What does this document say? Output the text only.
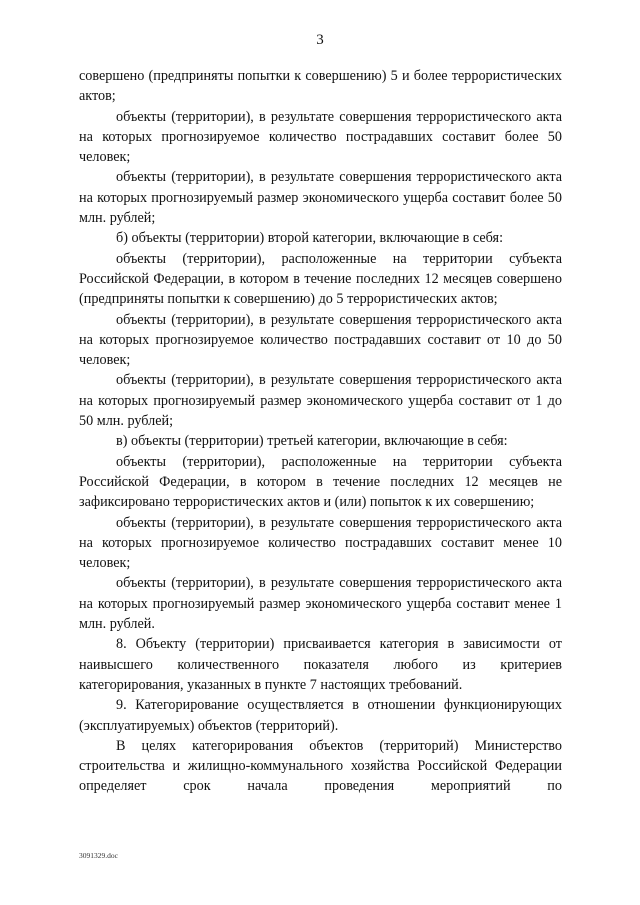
3

совершено (предприняты попытки к совершению) 5 и более террористических актов;

объекты (территории), в результате совершения террористического акта на которых прогнозируемое количество пострадавших составит более 50 человек;

объекты (территории), в результате совершения террористического акта на которых прогнозируемый размер экономического ущерба составит более 50 млн. рублей;

б) объекты (территории) второй категории, включающие в себя:

объекты (территории), расположенные на территории субъекта Российской Федерации, в котором в течение последних 12 месяцев совершено (предприняты попытки к совершению) до 5 террористических актов;

объекты (территории), в результате совершения террористического акта на которых прогнозируемое количество пострадавших составит от 10 до 50 человек;

объекты (территории), в результате совершения террористического акта на которых прогнозируемый размер экономического ущерба составит от 1 до 50 млн. рублей;

в) объекты (территории) третьей категории, включающие в себя:

объекты (территории), расположенные на территории субъекта Российской Федерации, в котором в течение последних 12 месяцев не зафиксировано террористических актов и (или) попыток к их совершению;

объекты (территории), в результате совершения террористического акта на которых прогнозируемое количество пострадавших составит менее 10 человек;

объекты (территории), в результате совершения террористического акта на которых прогнозируемый размер экономического ущерба составит менее 1 млн. рублей.

8. Объекту (территории) присваивается категория в зависимости от наивысшего количественного показателя любого из критериев категорирования, указанных в пункте 7 настоящих требований.

9. Категорирование осуществляется в отношении функционирующих (эксплуатируемых) объектов (территорий).

В целях категорирования объектов (территорий) Министерство строительства и жилищно-коммунального хозяйства Российской Федерации определяет срок начала проведения мероприятий по

3091329.doc
